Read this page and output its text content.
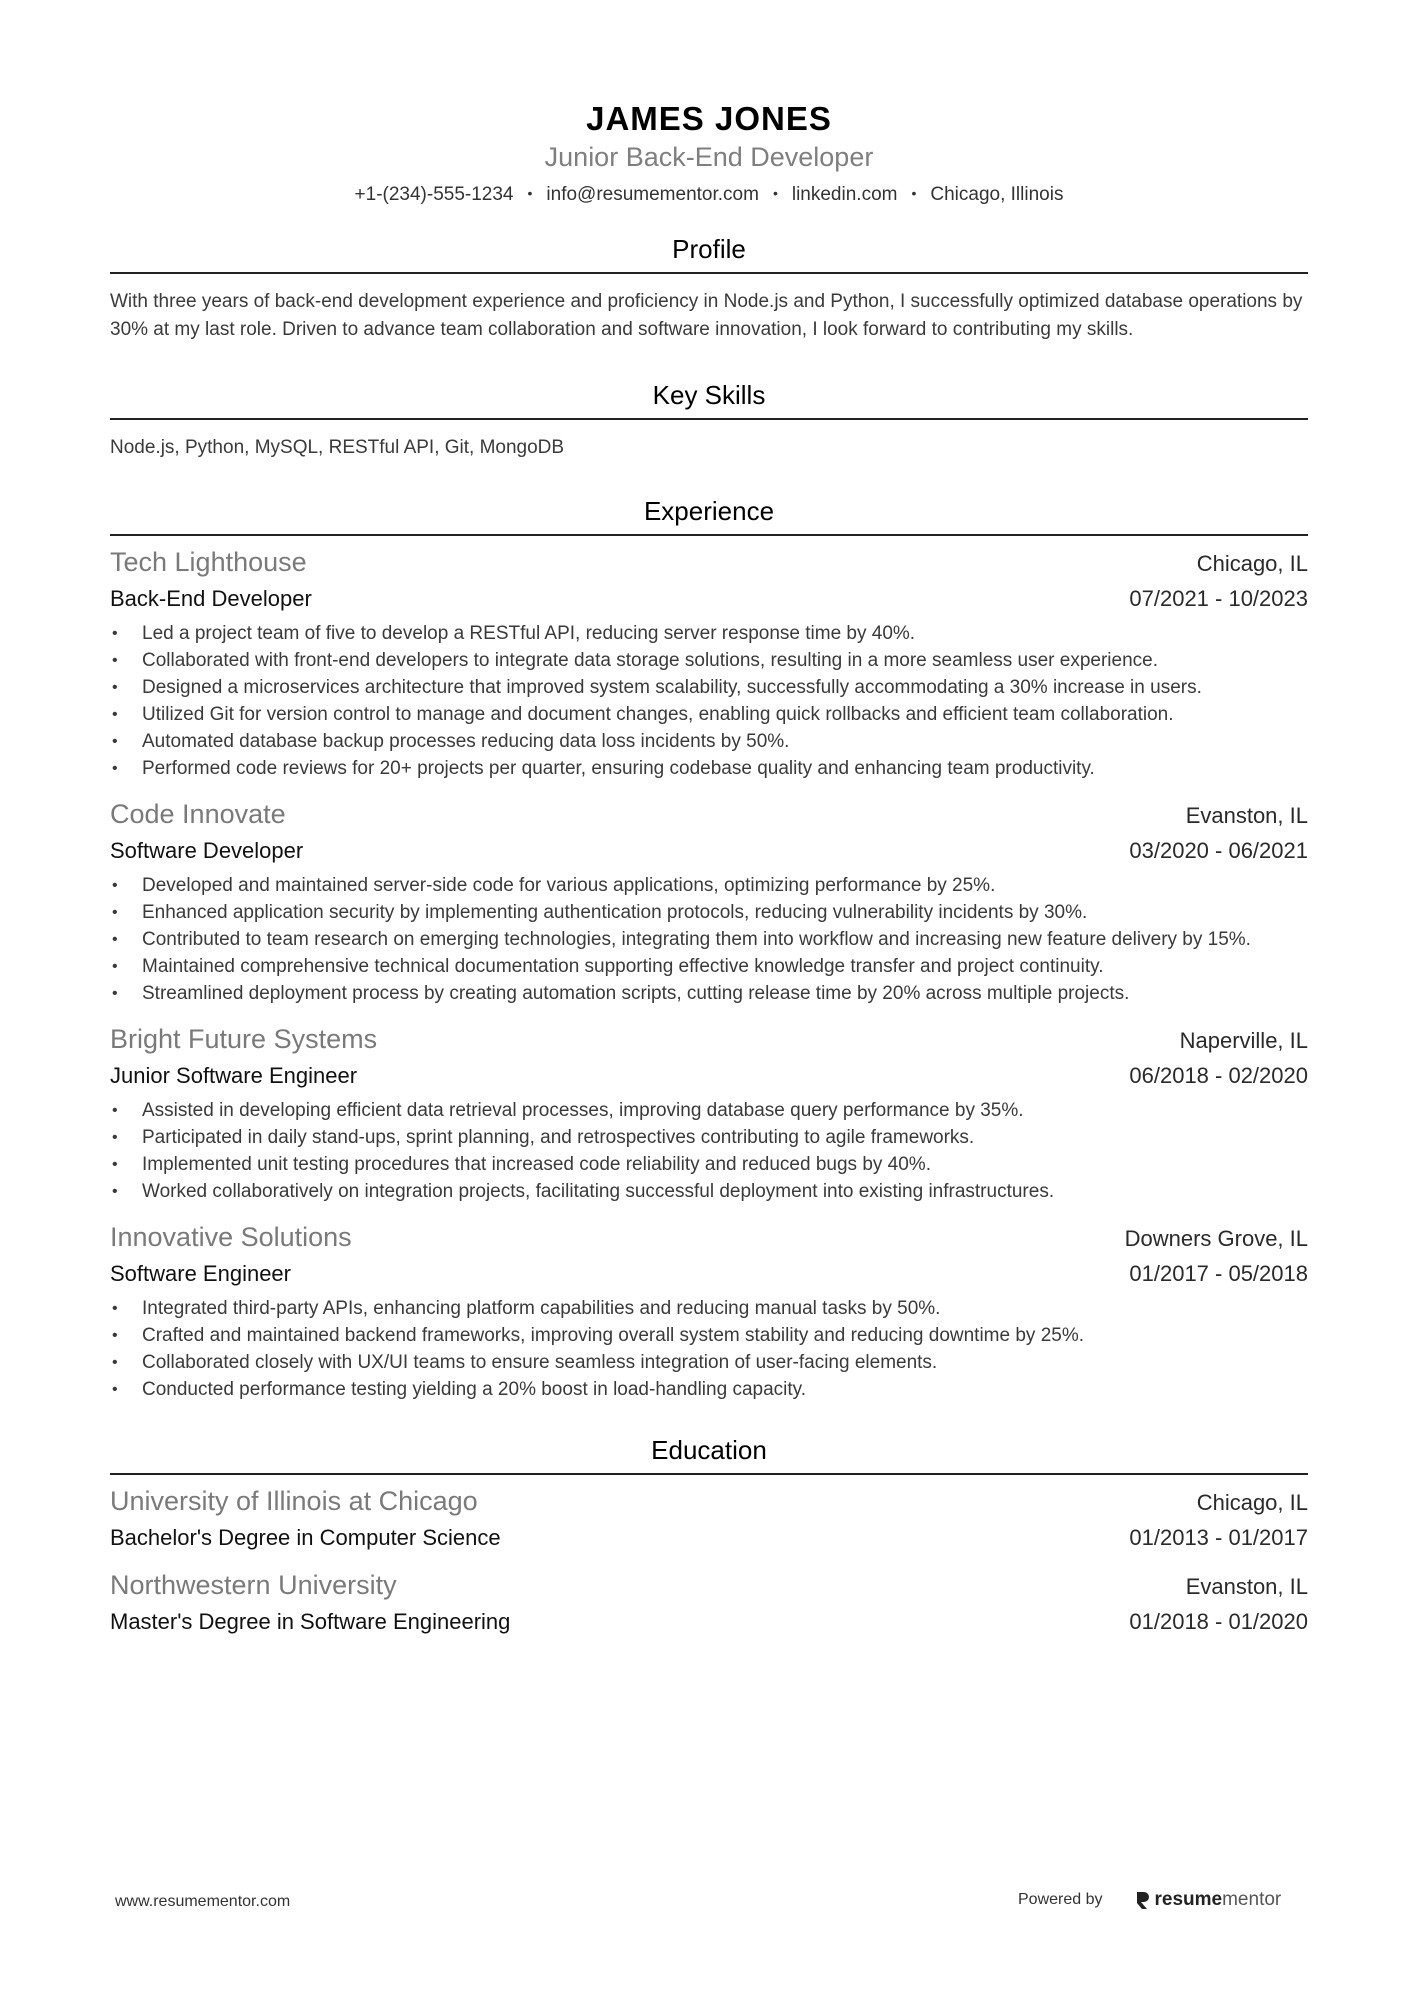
JAMES JONES
Junior Back-End Developer
+1-(234)-555-1234 • info@resumementor.com • linkedin.com • Chicago, Illinois
Profile
With three years of back-end development experience and proficiency in Node.js and Python, I successfully optimized database operations by 30% at my last role. Driven to advance team collaboration and software innovation, I look forward to contributing my skills.
Key Skills
Node.js, Python, MySQL, RESTful API, Git, MongoDB
Experience
Tech Lighthouse	Chicago, IL
Back-End Developer	07/2021 - 10/2023
• Led a project team of five to develop a RESTful API, reducing server response time by 40%.
• Collaborated with front-end developers to integrate data storage solutions, resulting in a more seamless user experience.
• Designed a microservices architecture that improved system scalability, successfully accommodating a 30% increase in users.
• Utilized Git for version control to manage and document changes, enabling quick rollbacks and efficient team collaboration.
• Automated database backup processes reducing data loss incidents by 50%.
• Performed code reviews for 20+ projects per quarter, ensuring codebase quality and enhancing team productivity.
Code Innovate	Evanston, IL
Software Developer	03/2020 - 06/2021
• Developed and maintained server-side code for various applications, optimizing performance by 25%.
• Enhanced application security by implementing authentication protocols, reducing vulnerability incidents by 30%.
• Contributed to team research on emerging technologies, integrating them into workflow and increasing new feature delivery by 15%.
• Maintained comprehensive technical documentation supporting effective knowledge transfer and project continuity.
• Streamlined deployment process by creating automation scripts, cutting release time by 20% across multiple projects.
Bright Future Systems	Naperville, IL
Junior Software Engineer	06/2018 - 02/2020
• Assisted in developing efficient data retrieval processes, improving database query performance by 35%.
• Participated in daily stand-ups, sprint planning, and retrospectives contributing to agile frameworks.
• Implemented unit testing procedures that increased code reliability and reduced bugs by 40%.
• Worked collaboratively on integration projects, facilitating successful deployment into existing infrastructures.
Innovative Solutions	Downers Grove, IL
Software Engineer	01/2017 - 05/2018
• Integrated third-party APIs, enhancing platform capabilities and reducing manual tasks by 50%.
• Crafted and maintained backend frameworks, improving overall system stability and reducing downtime by 25%.
• Collaborated closely with UX/UI teams to ensure seamless integration of user-facing elements.
• Conducted performance testing yielding a 20% boost in load-handling capacity.
Education
University of Illinois at Chicago	Chicago, IL
Bachelor's Degree in Computer Science	01/2013 - 01/2017
Northwestern University	Evanston, IL
Master's Degree in Software Engineering	01/2018 - 01/2020
www.resumementor.com	Powered by	resume mentor
